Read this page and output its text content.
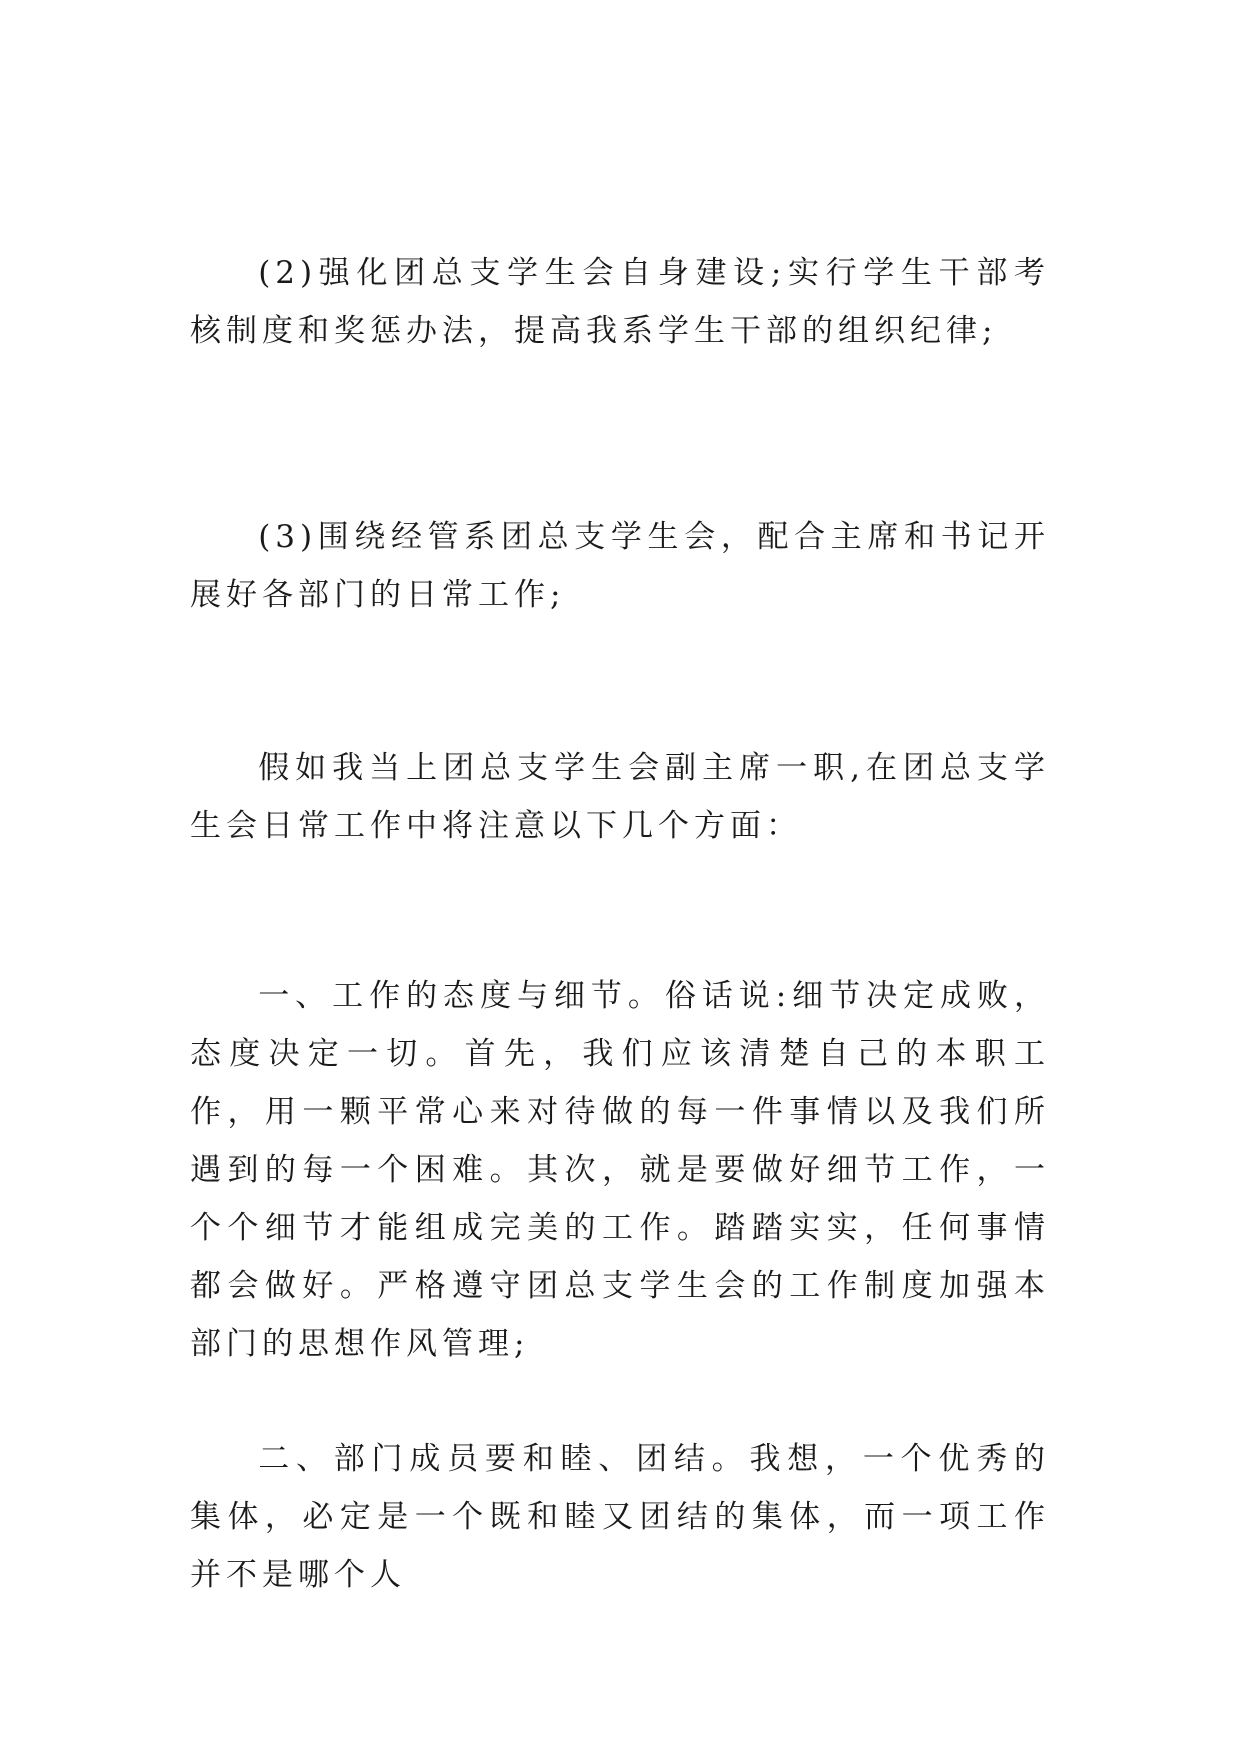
(2)强化团总支学生会自身建设;实行学生干部考核制度和奖惩办法，提高我系学生干部的组织纪律;

(3)围绕经管系团总支学生会，配合主席和书记开展好各部门的日常工作;

假如我当上团总支学生会副主席一职,在团总支学生会日常工作中将注意以下几个方面：

一、工作的态度与细节。俗话说:细节决定成败，态度决定一切。首先，我们应该清楚自己的本职工作，用一颗平常心来对待做的每一件事情以及我们所遇到的每一个困难。其次，就是要做好细节工作，一个个细节才能组成完美的工作。踏踏实实，任何事情都会做好。严格遵守团总支学生会的工作制度加强本部门的思想作风管理;

二、部门成员要和睦、团结。我想，一个优秀的集体，必定是一个既和睦又团结的集体，而一项工作并不是哪个人
